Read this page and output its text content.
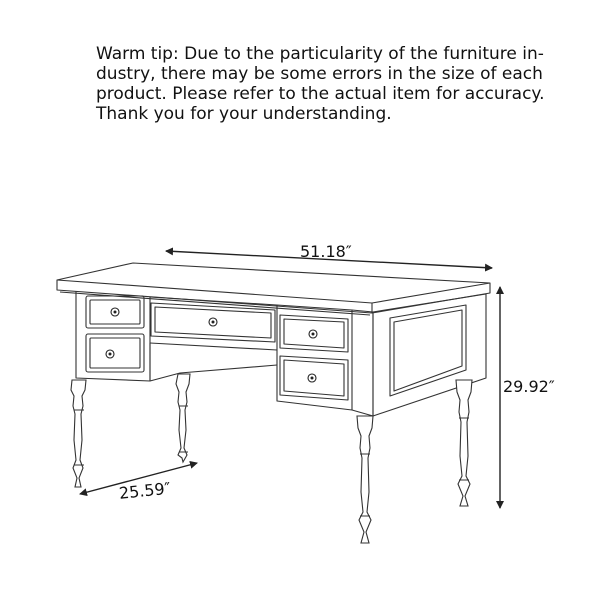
Warm tip: Due to the particularity of the furniture in-
dustry, there may be some errors in the size of each
product. Please refer to the actual item for accuracy.
Thank you for your understanding.

51.18″
29.92″
25.59″
